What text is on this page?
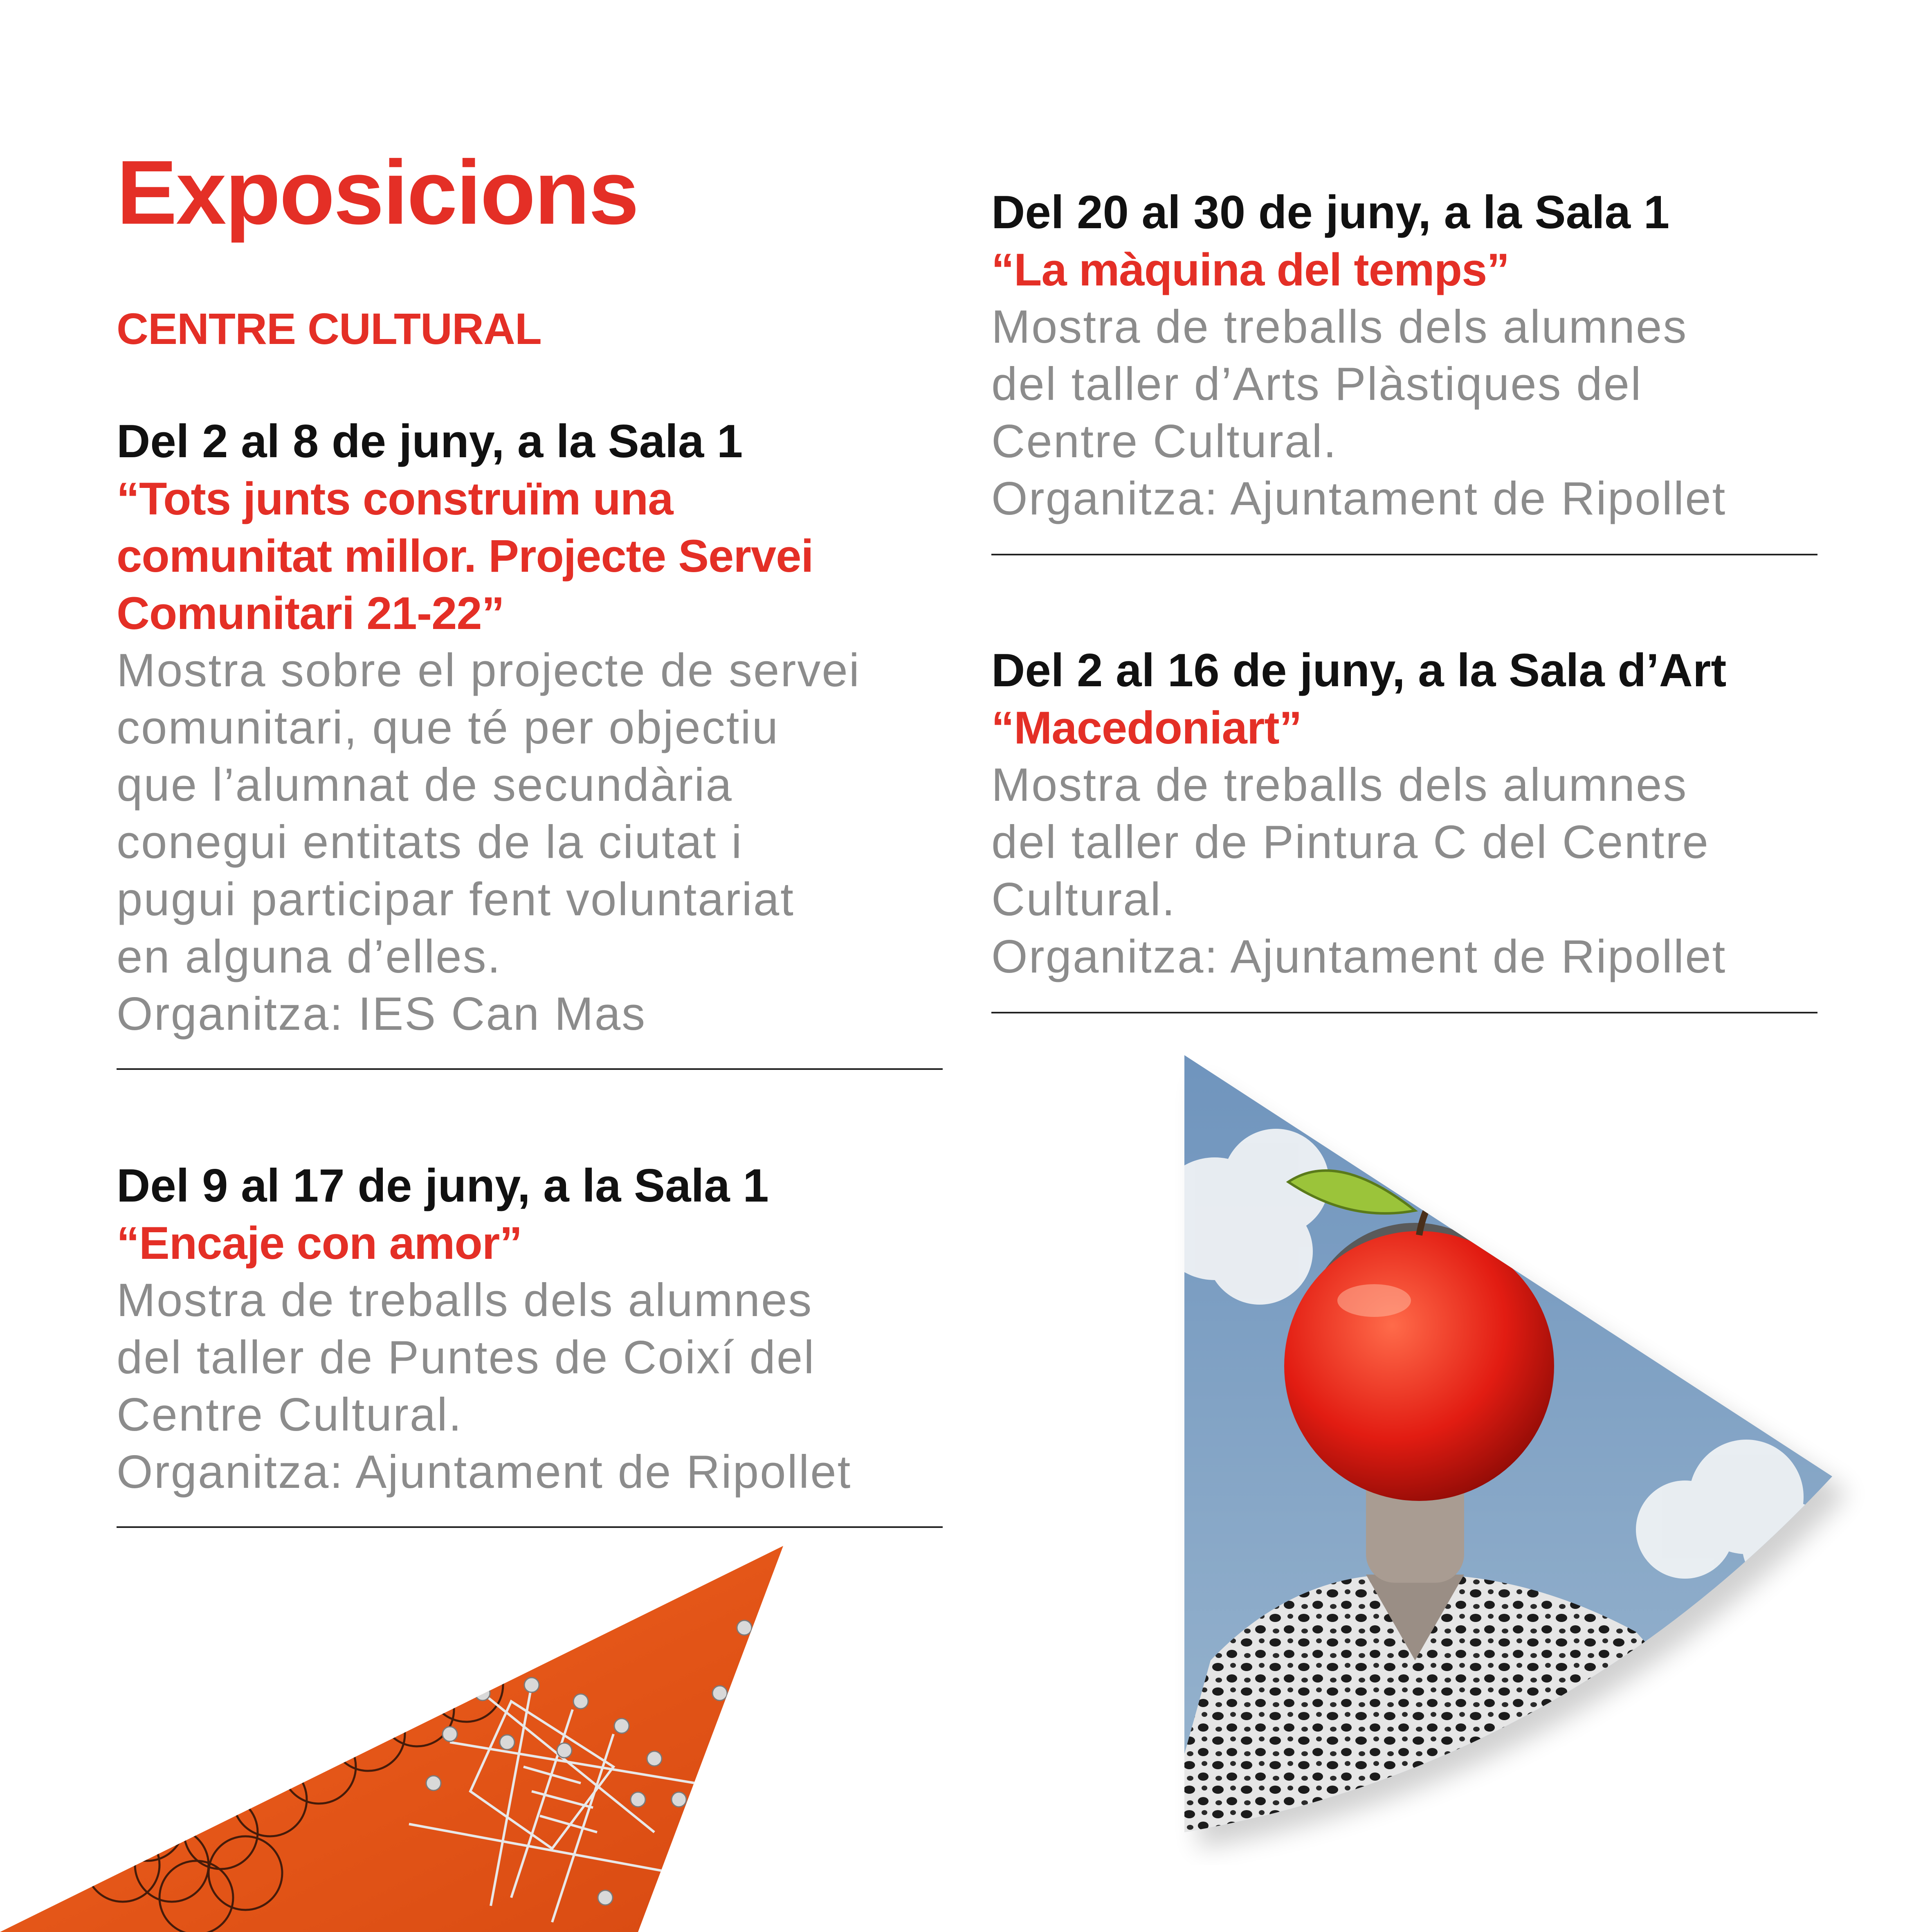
Exposicions
CENTRE CULTURAL
Del 2 al 8 de juny, a la Sala 1
“Tots junts construïm una
comunitat millor. Projecte Servei
Comunitari 21-22”
Mostra sobre el projecte de servei
comunitari, que té per objectiu
que l’alumnat de secundària
conegui entitats de la ciutat i
pugui participar fent voluntariat
en alguna d’elles.
Organitza: IES Can Mas
Del 9 al 17 de juny, a la Sala 1
“Encaje con amor”
Mostra de treballs dels alumnes
del taller de Puntes de Coixí del
Centre Cultural.
Organitza: Ajuntament de Ripollet
Del 20 al 30 de juny, a la Sala 1
“La màquina del temps”
Mostra de treballs dels alumnes
del taller d’Arts Plàstiques del
Centre Cultural.
Organitza: Ajuntament de Ripollet
Del 2 al 16 de juny, a la Sala d’Art
“Macedoniart”
Mostra de treballs dels alumnes
del taller de Pintura C del Centre
Cultural.
Organitza: Ajuntament de Ripollet
